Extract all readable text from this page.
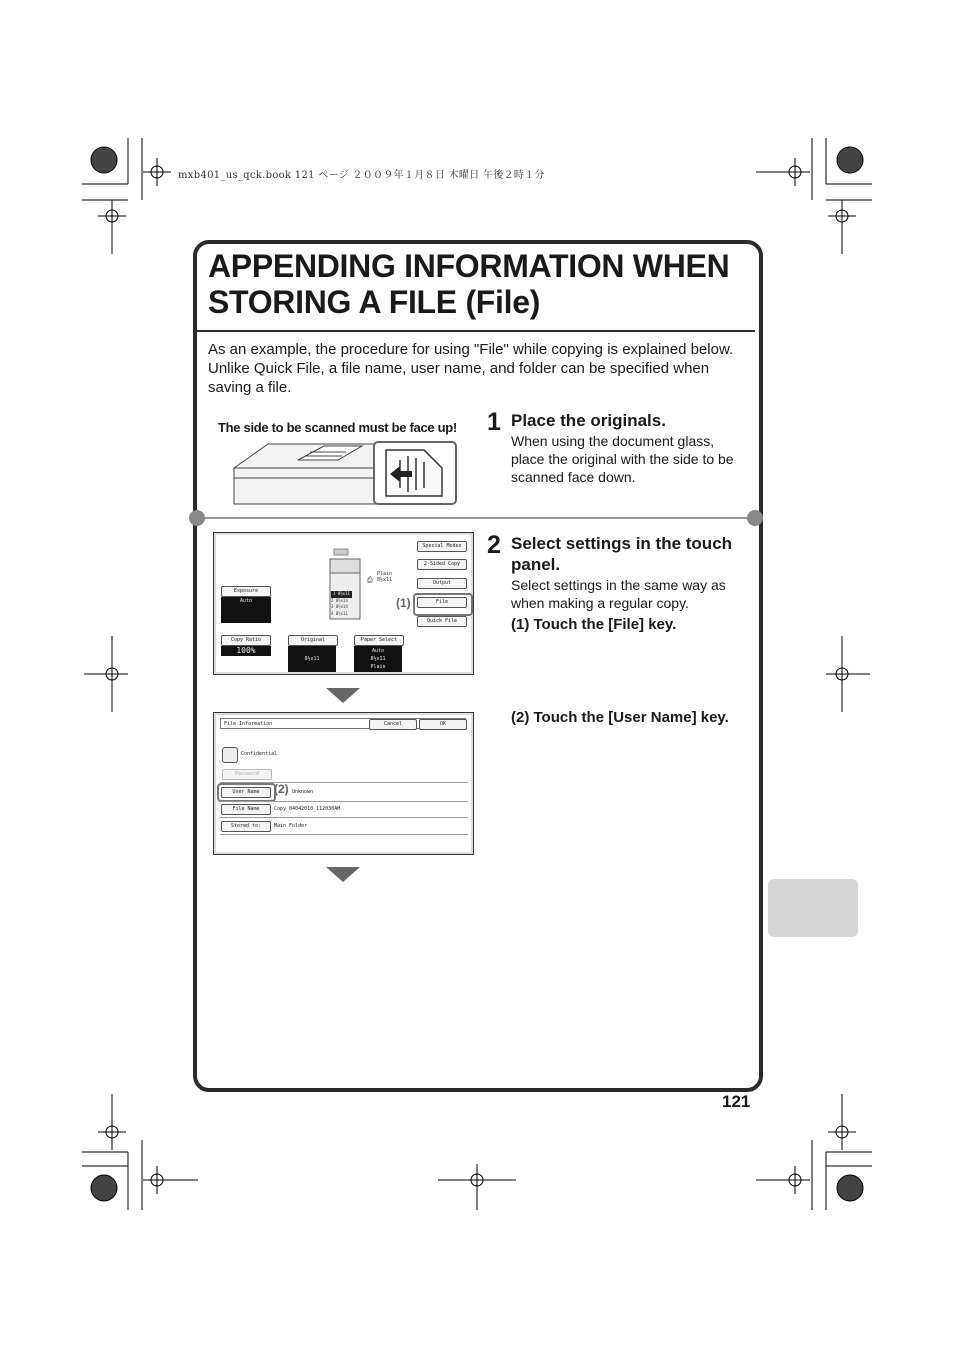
mxb401_us_qck.book 121 ページ ２００９年１月８日 木曜日 午後２時１分
APPENDING INFORMATION WHEN STORING A FILE (File)
As an example, the procedure for using "File" while copying is explained below. Unlike Quick File, a file name, user name, and folder can be specified when saving a file.
The side to be scanned must be face up! 1 Place the originals.
When using the document glass, place the original with the side to be scanned face down.
2 Select settings in the touch panel.
Select settings in the same way as when making a regular copy.
(1) Touch the [File] key.
(2) Touch the [User Name] key.
1 8½x11
2 8½x14
3 8½x14
4 8½x11
Plain
8½x11
⎙
Special Modes
2-Sided Copy
Output
File
Quick File
(1)
Exposure
Auto
Copy Ratio
100%
Original
8½x11
Paper Select
Auto
8½x11
Plain
File Information	Cancel	OK
Confidential
Password
User Name	(2) Unknown
File Name	Copy_04042010_112030AM
Stored to:	Main Folder
121
